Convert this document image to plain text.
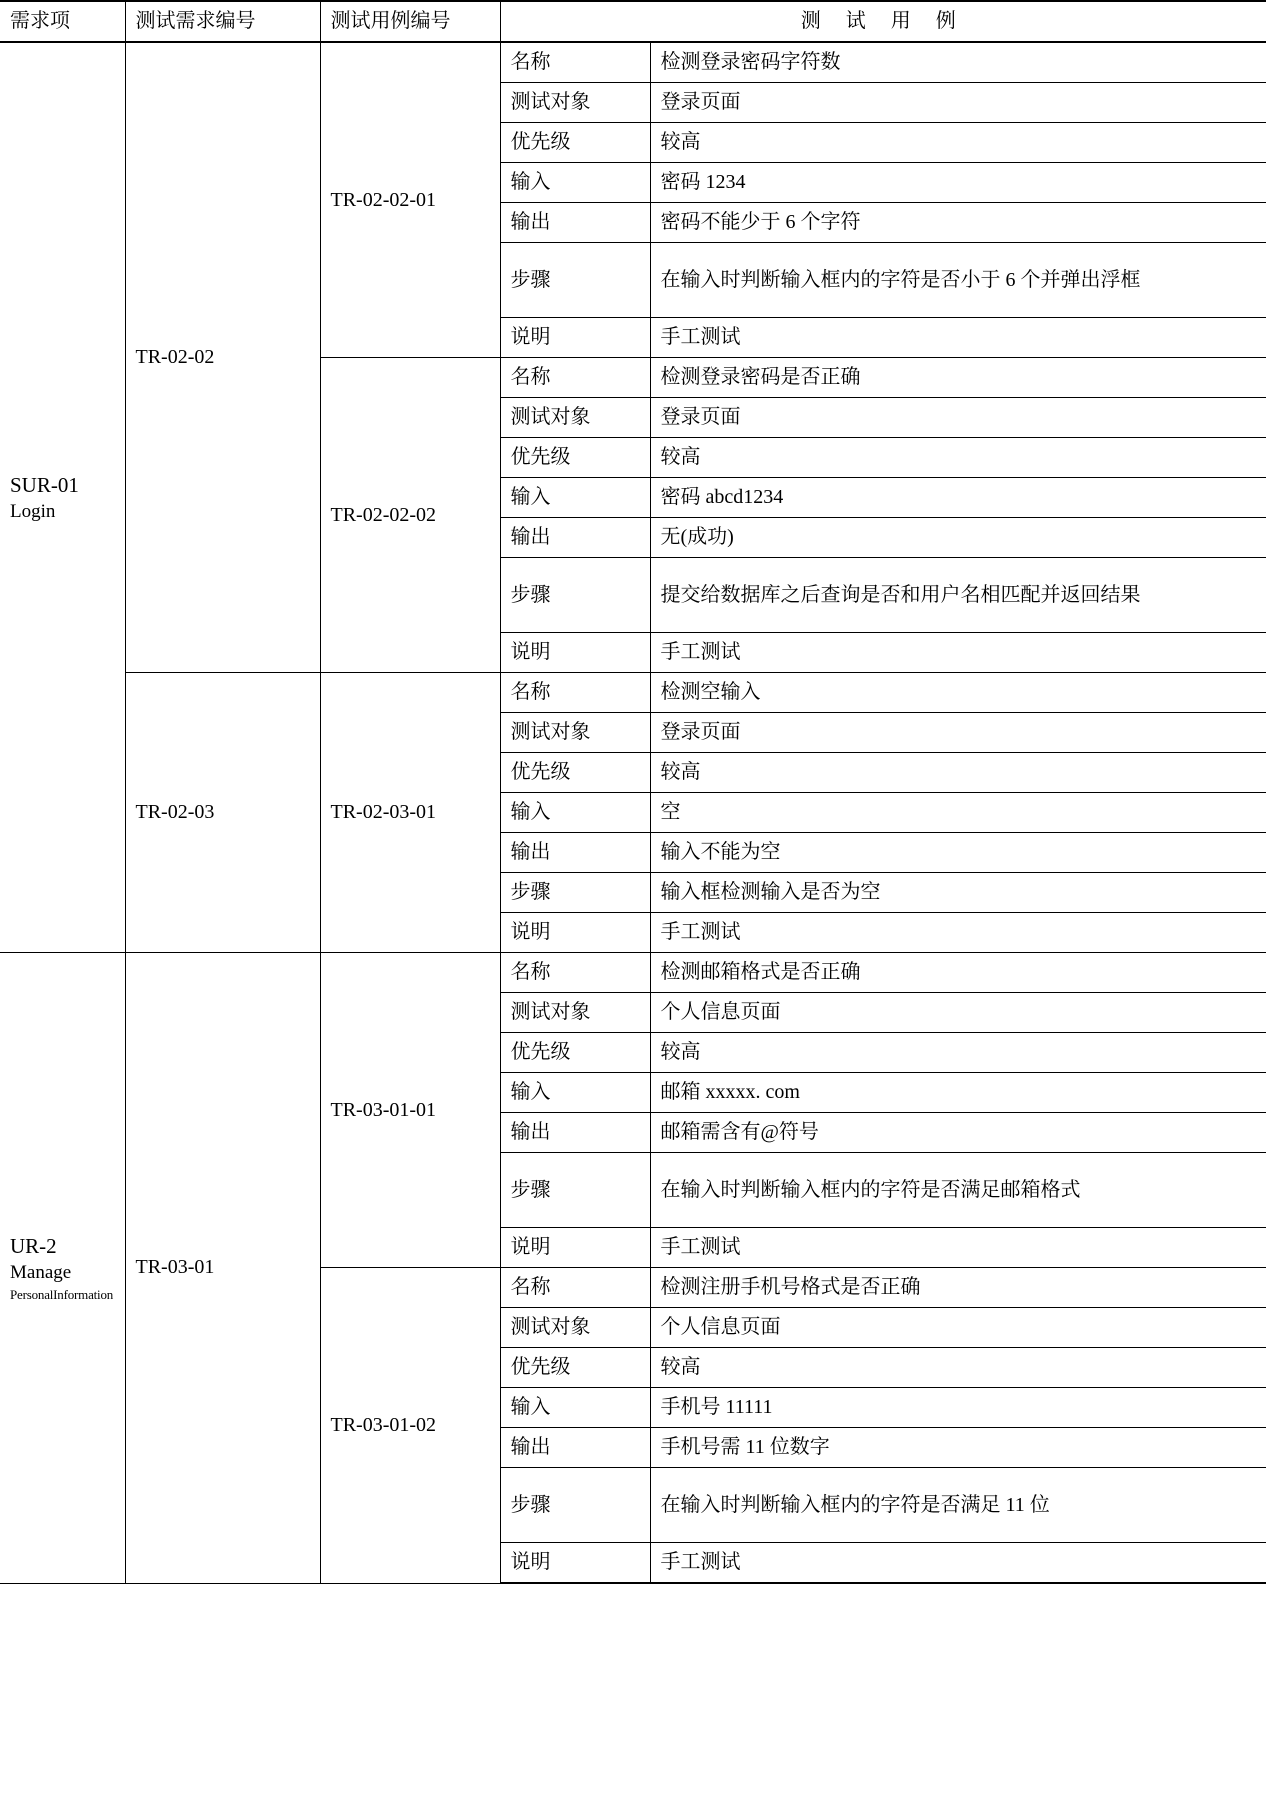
需求项	测试需求编号	测试用例编号	测 试 用 例	

SUR‑01
Login	TR‑02‑02	TR‑02‑02‑01	名称	检测登录密码字符数
			测试对象	登录页面
			优先级	较高
			输入	密码 1234
			输出	密码不能少于 6 个字符
			步骤	在输入时判断输入框内的字符是否小于 6 个并弹出浮框
			说明	手工测试
		TR‑02‑02‑02	名称	检测登录密码是否正确
			测试对象	登录页面
			优先级	较高
			输入	密码 abcd1234
			输出	无(成功)
			步骤	提交给数据库之后查询是否和用户名相匹配并返回结果
			说明	手工测试
	TR‑02‑03	TR‑02‑03‑01	名称	检测空输入
			测试对象	登录页面
			优先级	较高
			输入	空
			输出	输入不能为空
			步骤	输入框检测输入是否为空
			说明	手工测试

UR‑2
Manage
PersonalInformation	TR‑03‑01	TR‑03‑01‑01	名称	检测邮箱格式是否正确
			测试对象	个人信息页面
			优先级	较高
			输入	邮箱 xxxxx. com
			输出	邮箱需含有@符号
			步骤	在输入时判断输入框内的字符是否满足邮箱格式
			说明	手工测试
		TR‑03‑01‑02	名称	检测注册手机号格式是否正确
			测试对象	个人信息页面
			优先级	较高
			输入	手机号 11111
			输出	手机号需 11 位数字
			步骤	在输入时判断输入框内的字符是否满足 11 位
			说明	手工测试
